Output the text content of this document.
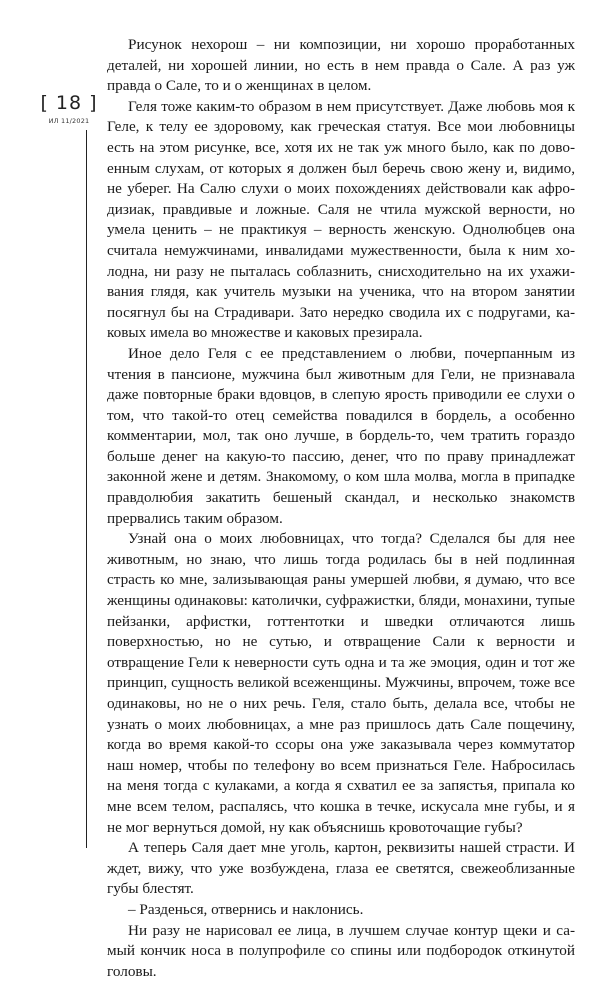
[ 18 ]
ИЛ 11/2021

Рисунок нехорош – ни композиции, ни хорошо проработанных деталей, ни хорошей линии, но есть в нем правда о Сале. А раз уж правда о Сале, то и о женщинах в целом.

Геля тоже каким-то образом в нем присутствует. Даже любовь моя к Геле, к телу ее здоровому, как греческая статуя. Все мои любовницы есть на этом рисунке, все, хотя их не так уж много было, как по довоенным слухам, от которых я должен был беречь свою жену и, видимо, не уберег. На Салю слухи о моих похождениях действовали как афродизиак, правдивые и ложные. Саля не чтила мужской верности, но умела ценить – не практикуя – верность женскую. Однолюбцев она считала немужчинами, инвалидами мужественности, была к ним холодна, ни разу не пыталась соблазнить, снисходительно на их ухаживания глядя, как учитель музыки на ученика, что на втором занятии посягнул бы на Страдивари. Зато нередко сводила их с подругами, каковых имела во множестве и каковых презирала.

Иное дело Геля с ее представлением о любви, почерпанным из чтения в пансионе, мужчина был животным для Гели, не признавала даже повторные браки вдовцов, в слепую ярость приводили ее слухи о том, что такой-то отец семейства повадился в бордель, а особенно комментарии, мол, так оно лучше, в бордель-то, чем тратить гораздо больше денег на какую-то пассию, денег, что по праву принадлежат законной жене и детям. Знакомому, о ком шла молва, могла в припадке правдолюбия закатить бешеный скандал, и несколько знакомств прервались таким образом.

Узнай она о моих любовницах, что тогда? Сделался бы для нее животным, но знаю, что лишь тогда родилась бы в ней подлинная страсть ко мне, зализывающая раны умершей любви, я думаю, что все женщины одинаковы: католички, суфражистки, бляди, монахини, тупые пейзанки, арфистки, готтентотки и шведки отличаются лишь поверхностью, но не сутью, и отвращение Сали к верности и отвращение Гели к неверности суть одна и та же эмоция, один и тот же принцип, сущность великой всеженщины. Мужчины, впрочем, тоже все одинаковы, но не о них речь. Геля, стало быть, делала все, чтобы не узнать о моих любовницах, а мне раз пришлось дать Сале пощечину, когда во время какой-то ссоры она уже заказывала через коммутатор наш номер, чтобы по телефону во всем признаться Геле. Набросилась на меня тогда с кулаками, а когда я схватил ее за запястья, припала ко мне всем телом, распалясь, что кошка в течке, искусала мне губы, и я не мог вернуться домой, ну как объяснишь кровоточащие губы?

А теперь Саля дает мне уголь, картон, реквизиты нашей страсти. И ждет, вижу, что уже возбуждена, глаза ее светятся, свежеоблизанные губы блестят.

– Разденься, отвернись и наклонись.

Ни разу не нарисовал ее лица, в лучшем случае контур щеки и самый кончик носа в полупрофиле со спины или подбородок откинутой головы.
